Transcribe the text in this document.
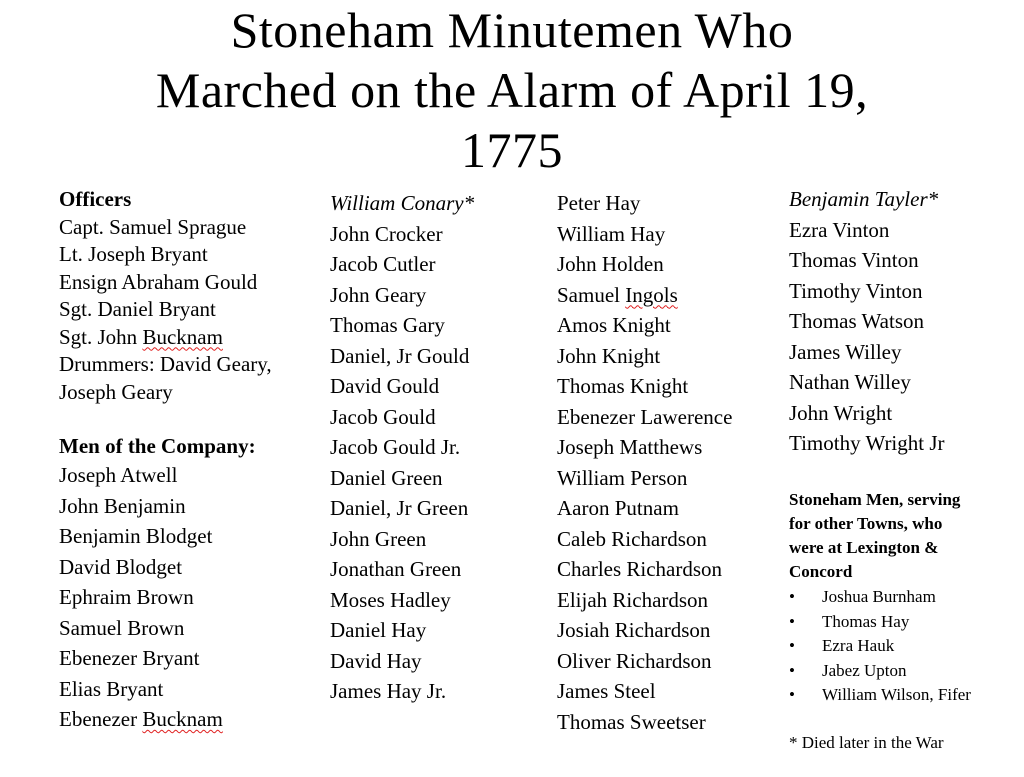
Stoneham Minutemen Who
Marched on the Alarm of April 19,
1775
Officers
Capt. Samuel Sprague
Lt. Joseph Bryant
Ensign Abraham Gould
Sgt. Daniel Bryant
Sgt. John Bucknam
Drummers: David Geary,
Joseph Geary
Men of the Company:
Joseph Atwell
John Benjamin
Benjamin Blodget
David Blodget
Ephraim Brown
Samuel Brown
Ebenezer Bryant
Elias Bryant
Ebenezer Bucknam
William Conary*
John Crocker
Jacob Cutler
John Geary
Thomas Gary
Daniel, Jr Gould
David Gould
Jacob Gould
Jacob Gould Jr.
Daniel Green
Daniel, Jr Green
John Green
Jonathan Green
Moses Hadley
Daniel Hay
David Hay
James Hay Jr.
Peter Hay
William Hay
John Holden
Samuel Ingols
Amos Knight
John Knight
Thomas Knight
Ebenezer Lawerence
Joseph Matthews
William Person
Aaron Putnam
Caleb Richardson
Charles Richardson
Elijah Richardson
Josiah Richardson
Oliver Richardson
James Steel
Thomas Sweetser
Benjamin Tayler*
Ezra Vinton
Thomas Vinton
Timothy Vinton
Thomas Watson
James Willey
Nathan Willey
John Wright
Timothy Wright Jr
Stoneham Men, serving
for other Towns, who
were at Lexington &
Concord
• Joshua Burnham
• Thomas Hay
• Ezra Hauk
• Jabez Upton
• William Wilson, Fifer
* Died later in the War
